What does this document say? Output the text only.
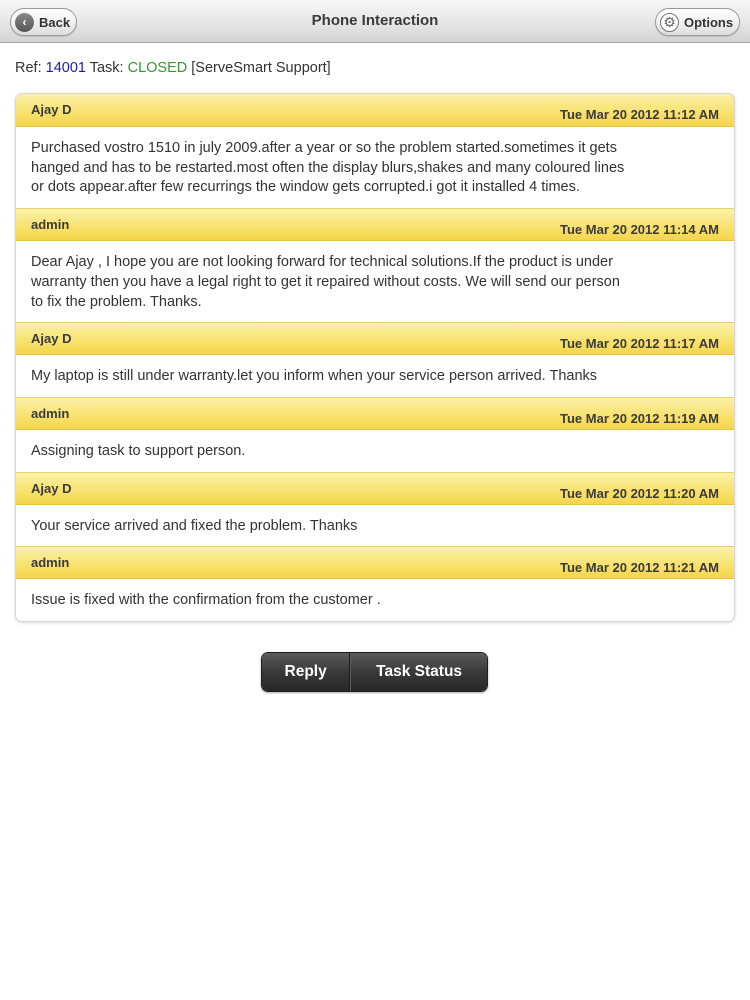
‹ Back	Phone Interaction	⚙ Options
Ref: 14001 Task: CLOSED [ServeSmart Support]
Ajay D	Tue Mar 20 2012 11:12 AM
Purchased vostro 1510 in july 2009.after a year or so the problem started.sometimes it gets hanged and has to be restarted.most often the display blurs,shakes and many coloured lines or dots appear.after few recurrings the window gets corrupted.i got it installed 4 times.
admin	Tue Mar 20 2012 11:14 AM
Dear Ajay , I hope you are not looking forward for technical solutions.If the product is under warranty then you have a legal right to get it repaired without costs. We will send our person to fix the problem. Thanks.
Ajay D	Tue Mar 20 2012 11:17 AM
My laptop is still under warranty.let you inform when your service person arrived. Thanks
admin	Tue Mar 20 2012 11:19 AM
Assigning task to support person.
Ajay D	Tue Mar 20 2012 11:20 AM
Your service arrived and fixed the problem. Thanks
admin	Tue Mar 20 2012 11:21 AM
Issue is fixed with the confirmation from the customer .
Reply	Task Status
